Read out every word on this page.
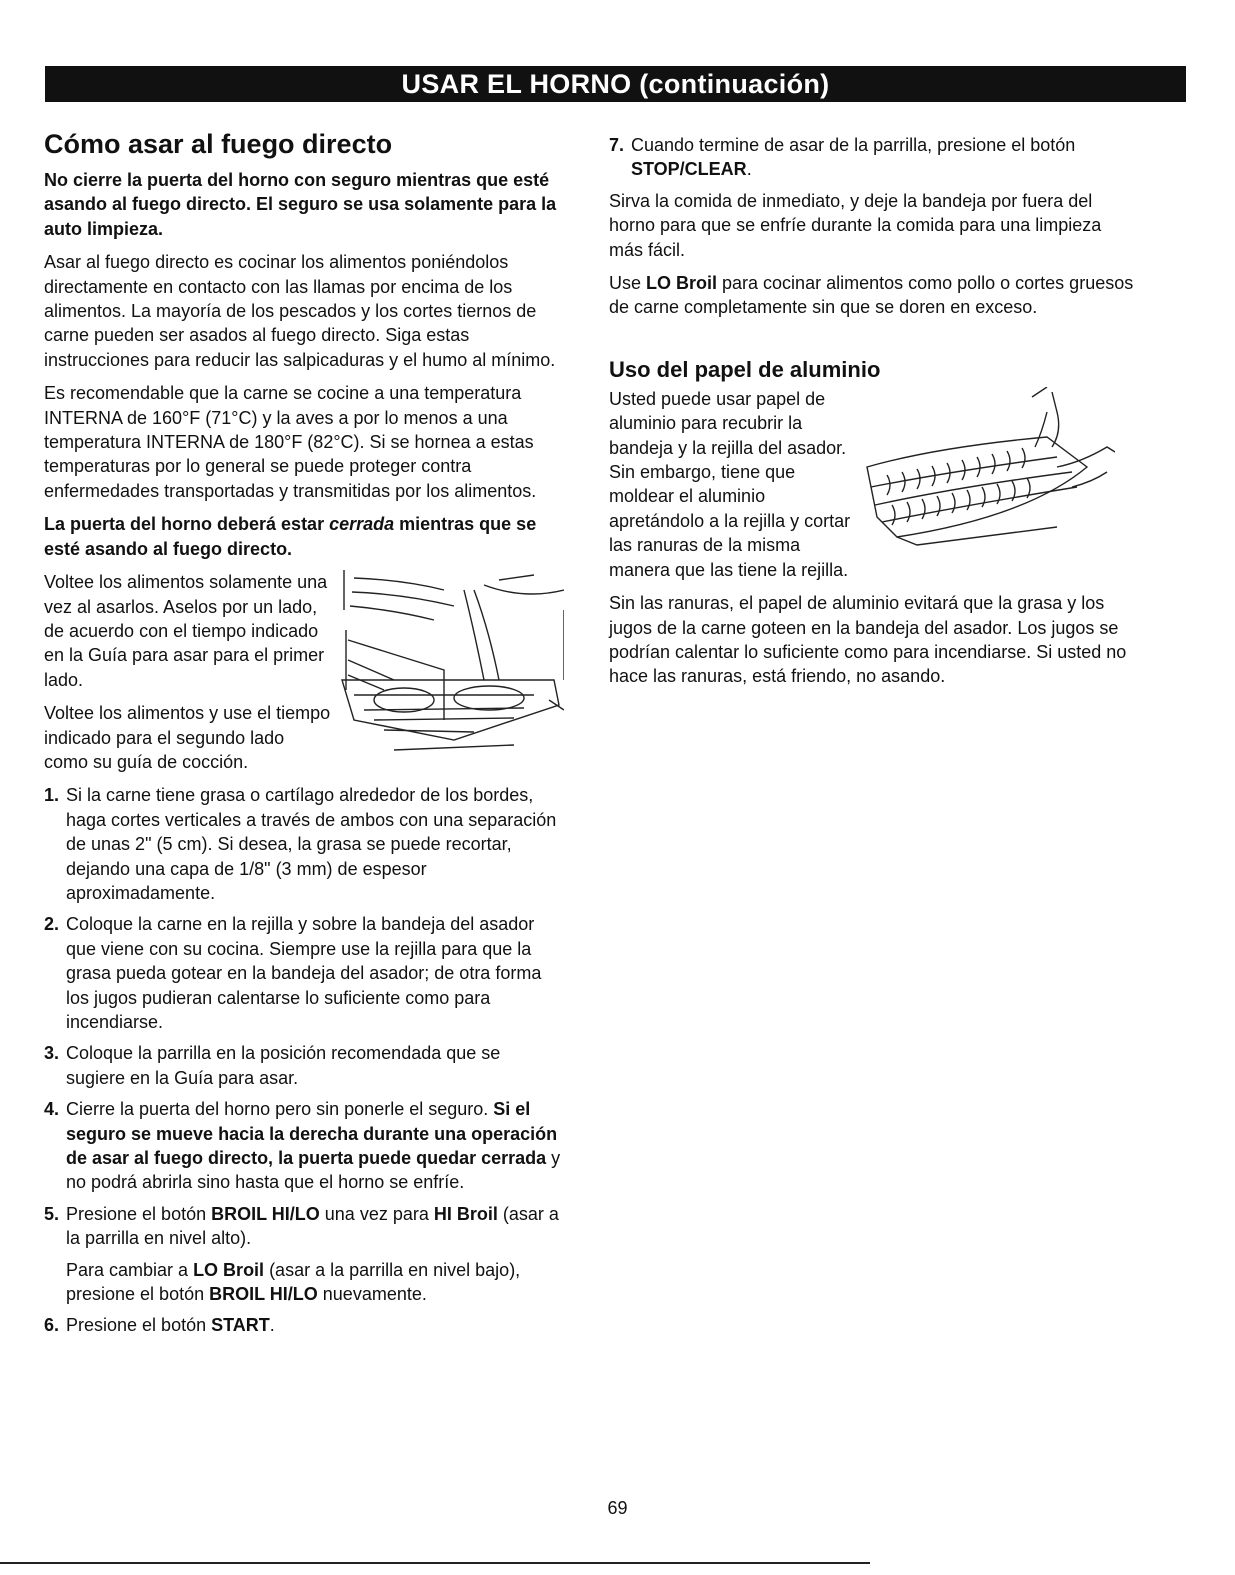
USAR EL HORNO (continuación)
Cómo asar al fuego directo

No cierre la puerta del horno con seguro mientras que esté asando al fuego directo. El seguro se usa solamente para la auto limpieza.

Asar al fuego directo es cocinar los alimentos poniéndolos directamente en contacto con las llamas por encima de los alimentos. La mayoría de los pescados y los cortes tiernos de carne pueden ser asados al fuego directo. Siga estas instrucciones para reducir las salpicaduras y el humo al mínimo.

Es recomendable que la carne se cocine a una temperatura INTERNA de 160°F (71°C) y la aves a por lo menos a una temperatura INTERNA de 180°F (82°C). Si se hornea a estas temperaturas por lo general se puede proteger contra enfermedades transportadas y transmitidas por los alimentos.

La puerta del horno deberá estar cerrada mientras que se esté asando al fuego directo.

Voltee los alimentos solamente una vez al asarlos. Aselos por un lado, de acuerdo con el tiempo indicado en la Guía para asar para el primer lado.

Voltee los alimentos y use el tiempo indicado para el segundo lado como su guía de cocción.

1. Si la carne tiene grasa o cartílago alrededor de los bordes, haga cortes verticales a través de ambos con una separación de unas 2" (5 cm). Si desea, la grasa se puede recortar, dejando una capa de 1/8" (3 mm) de espesor aproximadamente.
2. Coloque la carne en la rejilla y sobre la bandeja del asador que viene con su cocina. Siempre use la rejilla para que la grasa pueda gotear en la bandeja del asador; de otra forma los jugos pudieran calentarse lo suficiente como para incendiarse.
3. Coloque la parrilla en la posición recomendada que se sugiere en la Guía para asar.
4. Cierre la puerta del horno pero sin ponerle el seguro. Si el seguro se mueve hacia la derecha durante una operación de asar al fuego directo, la puerta puede quedar cerrada y no podrá abrirla sino hasta que el horno se enfríe.
5. Presione el botón BROIL HI/LO una vez para HI Broil (asar a la parrilla en nivel alto).

Para cambiar a LO Broil (asar a la parrilla en nivel bajo), presione el botón BROIL HI/LO nuevamente.

6. Presione el botón START.
7. Cuando termine de asar de la parrilla, presione el botón STOP/CLEAR.

Sirva la comida de inmediato, y deje la bandeja por fuera del horno para que se enfríe durante la comida para una limpieza más fácil.

Use LO Broil para cocinar alimentos como pollo o cortes gruesos de carne completamente sin que se doren en exceso.

Uso del papel de aluminio

Usted puede usar papel de aluminio para recubrir la bandeja y la rejilla del asador. Sin embargo, tiene que moldear el aluminio apretándolo a la rejilla y cortar las ranuras de la misma manera que las tiene la rejilla.

Sin las ranuras, el papel de aluminio evitará que la grasa y los jugos de la carne goteen en la bandeja del asador. Los jugos se podrían calentar lo suficiente como para incendiarse. Si usted no hace las ranuras, está friendo, no asando.

69
